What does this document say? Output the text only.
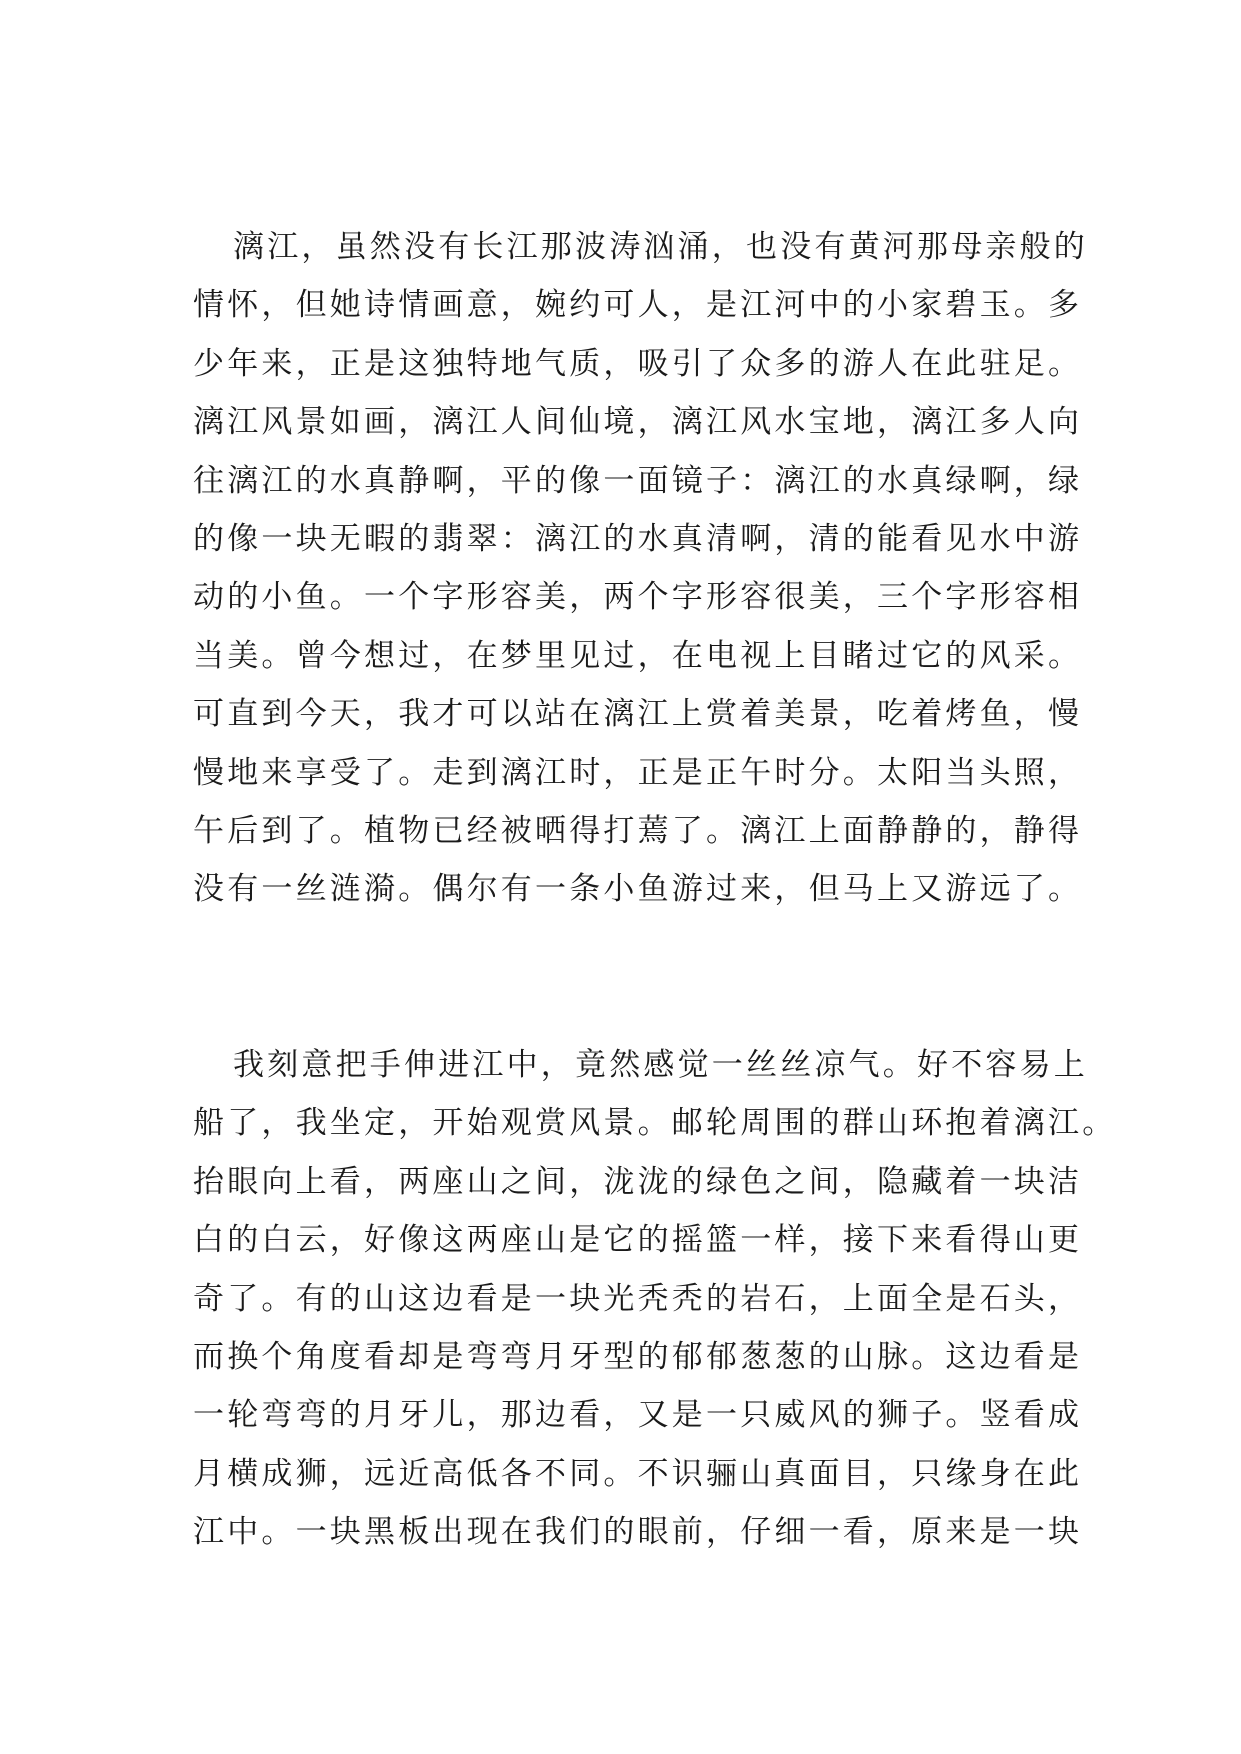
漓江，虽然没有长江那波涛汹涌，也没有黄河那母亲般的
情怀，但她诗情画意，婉约可人，是江河中的小家碧玉。多
少年来，正是这独特地气质，吸引了众多的游人在此驻足。
漓江风景如画，漓江人间仙境，漓江风水宝地，漓江多人向
往漓江的水真静啊，平的像一面镜子：漓江的水真绿啊，绿
的像一块无暇的翡翠：漓江的水真清啊，清的能看见水中游
动的小鱼。一个字形容美，两个字形容很美，三个字形容相
当美。曾今想过，在梦里见过，在电视上目睹过它的风采。
可直到今天，我才可以站在漓江上赏着美景，吃着烤鱼，慢
慢地来享受了。走到漓江时，正是正午时分。太阳当头照，
午后到了。植物已经被晒得打蔫了。漓江上面静静的，静得
没有一丝涟漪。偶尔有一条小鱼游过来，但马上又游远了。
我刻意把手伸进江中，竟然感觉一丝丝凉气。好不容易上
船了，我坐定，开始观赏风景。邮轮周围的群山环抱着漓江。
抬眼向上看，两座山之间，泷泷的绿色之间，隐藏着一块洁
白的白云，好像这两座山是它的摇篮一样，接下来看得山更
奇了。有的山这边看是一块光秃秃的岩石，上面全是石头，
而换个角度看却是弯弯月牙型的郁郁葱葱的山脉。这边看是
一轮弯弯的月牙儿，那边看，又是一只威风的狮子。竖看成
月横成狮，远近高低各不同。不识骊山真面目，只缘身在此
江中。一块黑板出现在我们的眼前，仔细一看，原来是一块
